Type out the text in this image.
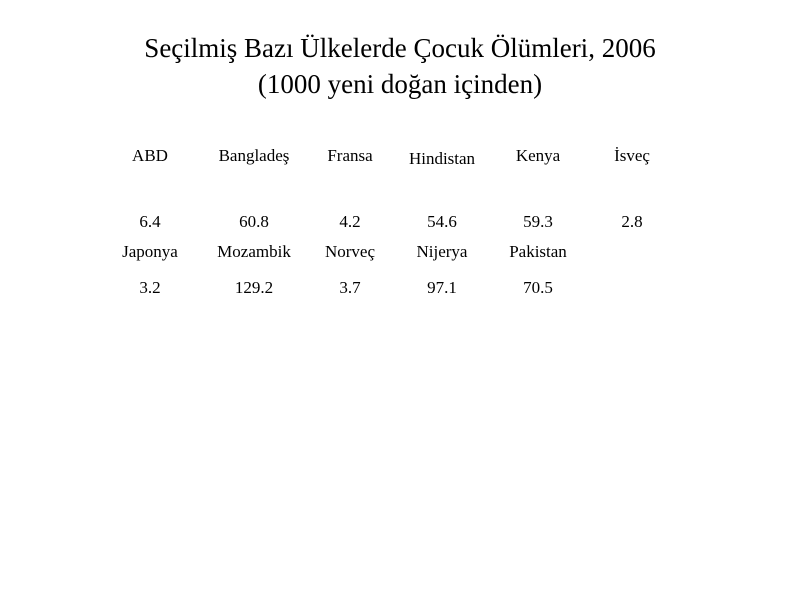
Seçilmiş Bazı Ülkelerde Çocuk Ölümleri, 2006
(1000 yeni doğan içinden)
ABD	Bangladeş	Fransa	Hindistan	Kenya	İsveç
6.4	60.8	4.2	54.6	59.3	2.8
Japonya	Mozambik	Norveç	Nijerya	Pakistan	
3.2	129.2	3.7	97.1	70.5	
